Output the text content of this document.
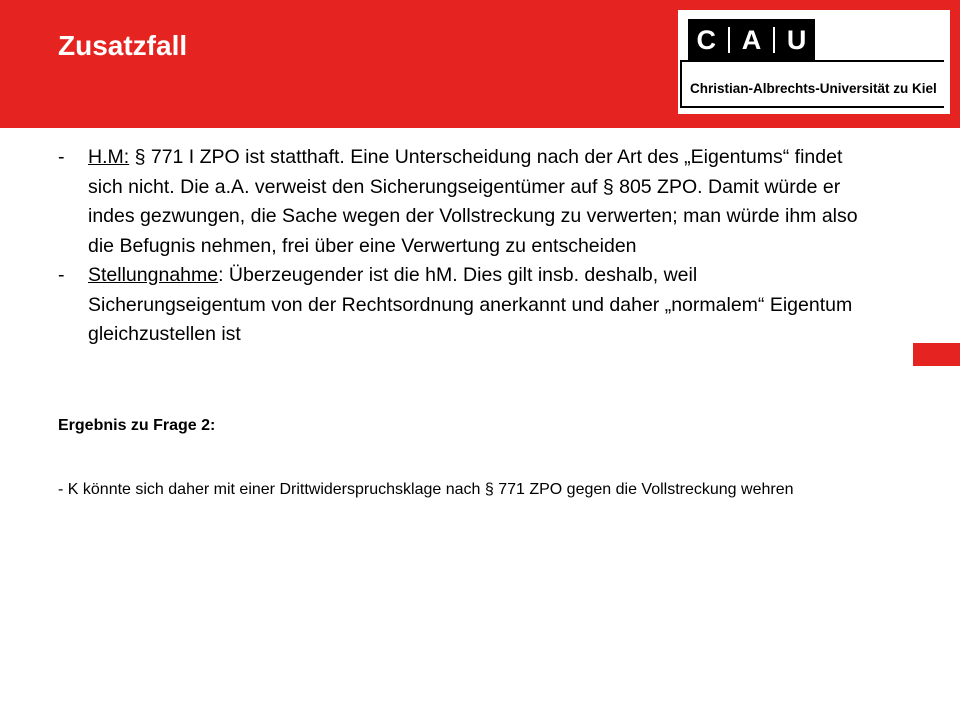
Zusatzfall	C A U
Christian-Albrechts-Universität zu Kiel

- H.M: § 771 I ZPO ist statthaft. Eine Unterscheidung nach der Art des „Eigentums“ findet sich nicht. Die a.A. verweist den Sicherungseigentümer auf § 805 ZPO. Damit würde er indes gezwungen, die Sache wegen der Vollstreckung zu verwerten; man würde ihm also die Befugnis nehmen, frei über eine Verwertung zu entscheiden

- Stellungnahme: Überzeugender ist die hM. Dies gilt insb. deshalb, weil Sicherungseigentum von der Rechtsordnung anerkannt und daher „normalem“ Eigentum gleichzustellen ist

Ergebnis zu Frage 2:
- K könnte sich daher mit einer Drittwiderspruchsklage nach § 771 ZPO gegen die Vollstreckung wehren
